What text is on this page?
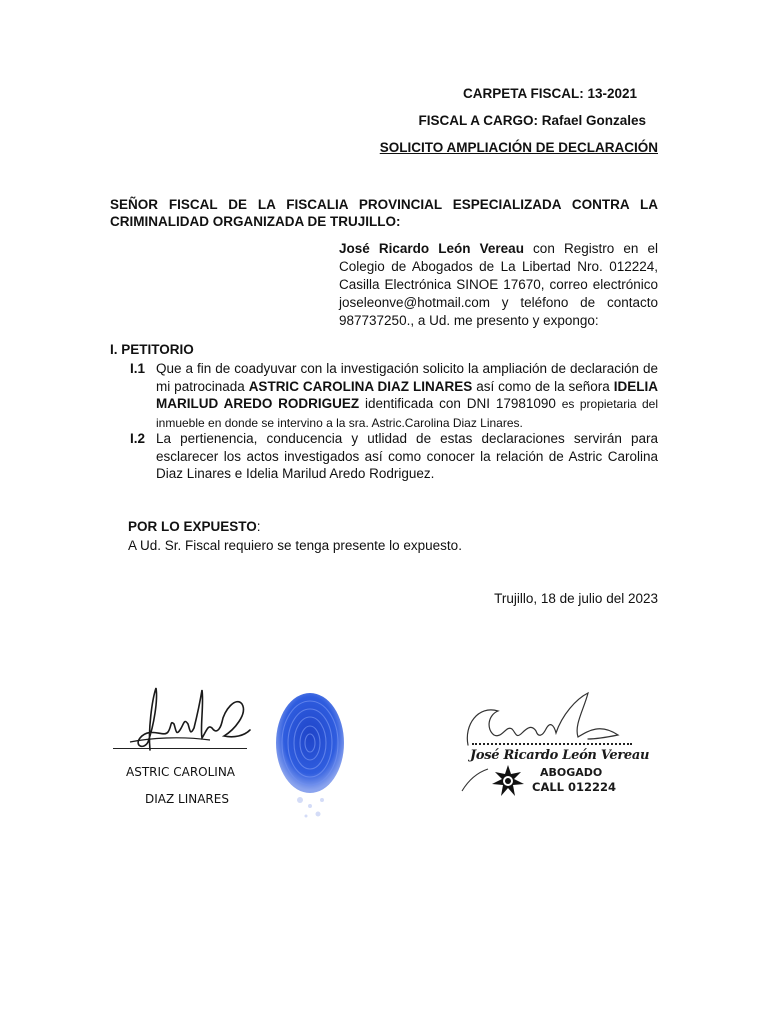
CARPETA FISCAL: 13-2021
FISCAL A CARGO: Rafael Gonzales
SOLICITO AMPLIACIÓN DE DECLARACIÓN
SEÑOR FISCAL DE LA FISCALIA PROVINCIAL ESPECIALIZADA CONTRA LA CRIMINALIDAD ORGANIZADA DE TRUJILLO:
José Ricardo León Vereau con Registro en el Colegio de Abogados de La Libertad Nro. 012224, Casilla Electrónica SINOE 17670, correo electrónico joseleonve@hotmail.com y teléfono de contacto 987737250., a Ud. me presento y expongo:
I. PETITORIO
I.1 Que a fin de coadyuvar con la investigación solicito la ampliación de declaración de mi patrocinada ASTRIC CAROLINA DIAZ LINARES así como de la señora IDELIA MARILUD AREDO RODRIGUEZ identificada con DNI 17981090 es propietaria del inmueble en donde se intervino a la sra. Astric.Carolina Diaz Linares.
I.2 La pertienencia, conducencia y utlidad de estas declaraciones servirán para esclarecer los actos investigados así como conocer la relación de Astric Carolina Diaz Linares e Idelia Marilud Aredo Rodriguez.
POR LO EXPUESTO:
A Ud. Sr. Fiscal requiero se tenga presente lo expuesto.
Trujillo, 18 de julio del 2023
ASTRIC CAROLINA
DIAZ LINARES
José Ricardo León Vereau
ABOGADO
CALL 012224
